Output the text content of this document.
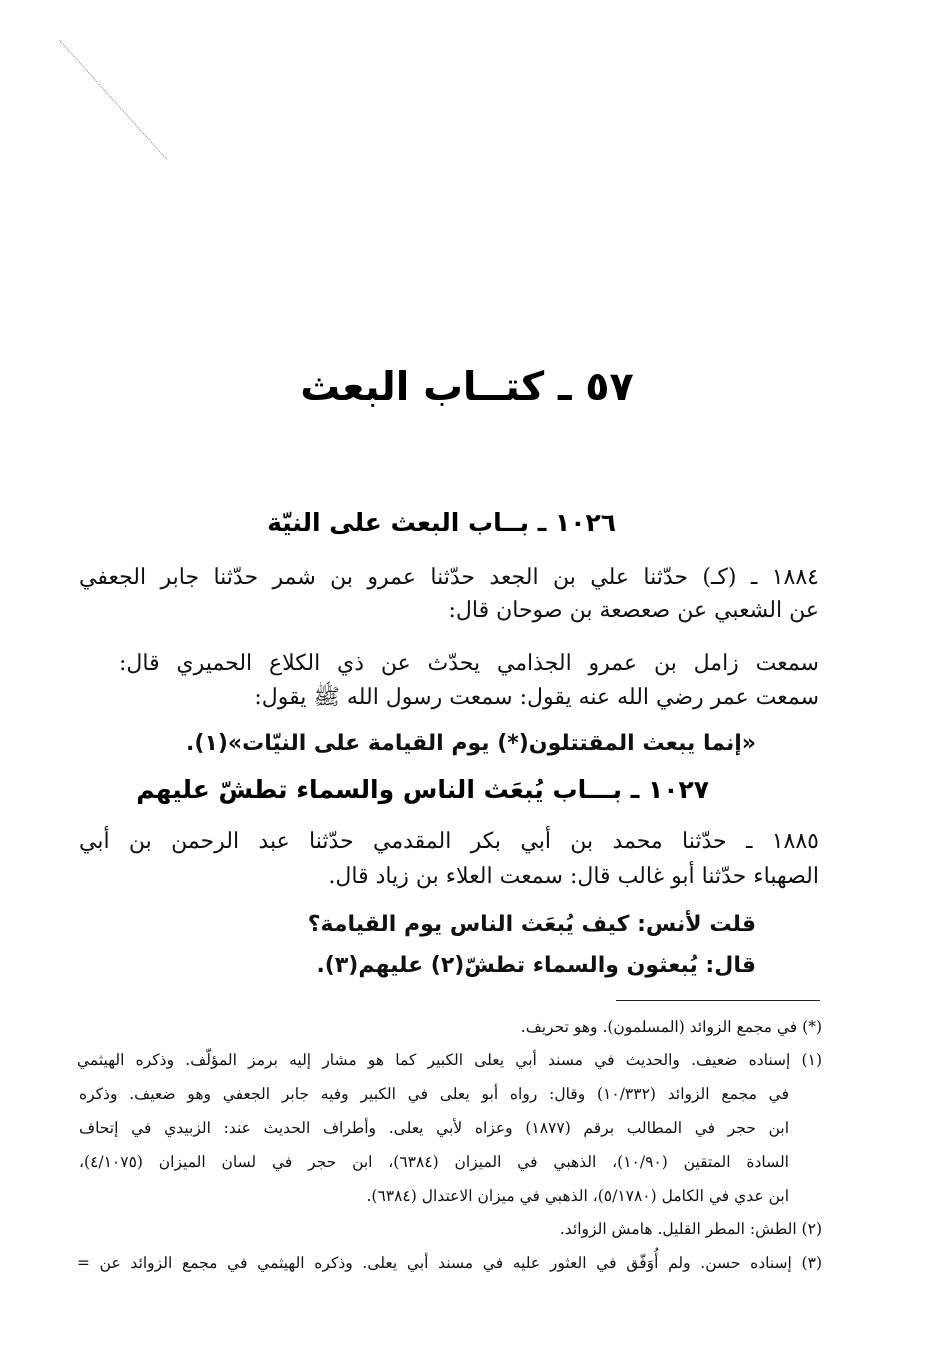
٥٧ ـ كتــاب البعث
١٠٢٦ ـ بــاب البعث على النيّة
١٨٨٤ ـ (كـ) حدّثنا علي بن الجعد حدّثنا عمرو بن شمر حدّثنا جابر الجعفي
عن الشعبي عن صعصعة بن صوحان قال:
سمعت زامل بن عمرو الجذامي يحدّث عن ذي الكلاع الحميري قال:
سمعت عمر رضي الله عنه يقول: سمعت رسول الله ﷺ يقول:
«إنما يبعث المقتتلون(*) يوم القيامة على النيّات»(١).
١٠٢٧ ـ بـــاب يُبعَث الناس والسماء تطشّ عليهم
١٨٨٥ ـ حدّثنا محمد بن أبي بكر المقدمي حدّثنا عبد الرحمن بن أبي
الصهباء حدّثنا أبو غالب قال: سمعت العلاء بن زياد قال.
قلت لأنس: كيف يُبعَث الناس يوم القيامة؟
قال: يُبعثون والسماء تطشّ(٢) عليهم(٣).
(*) في مجمع الزوائد (المسلمون). وهو تحريف.
(١) إسناده ضعيف. والحديث في مسند أبي يعلى الكبير كما هو مشار إليه برمز المؤلّف. وذكره الهيثمي
في مجمع الزوائد (١٠/٣٣٢) وقال: رواه أبو يعلى في الكبير وفيه جابر الجعفي وهو ضعيف. وذكره
ابن حجر في المطالب برقم (١٨٧٧) وعزاه لأبي يعلى. وأطراف الحديث عند: الزبيدي في إتحاف
السادة المتقين (١٠/٩٠)، الذهبي في الميزان (٦٣٨٤)، ابن حجر في لسان الميزان (٤/١٠٧٥)،
ابن عدي في الكامل (٥/١٧٨٠)، الذهبي في ميزان الاعتدال (٦٣٨٤).
(٢) الطش: المطر القليل. هامش الزوائد.
(٣) إسناده حسن. ولم أُوَفّق في العثور عليه في مسند أبي يعلى. وذكره الهيثمي في مجمع الزوائد عن =
